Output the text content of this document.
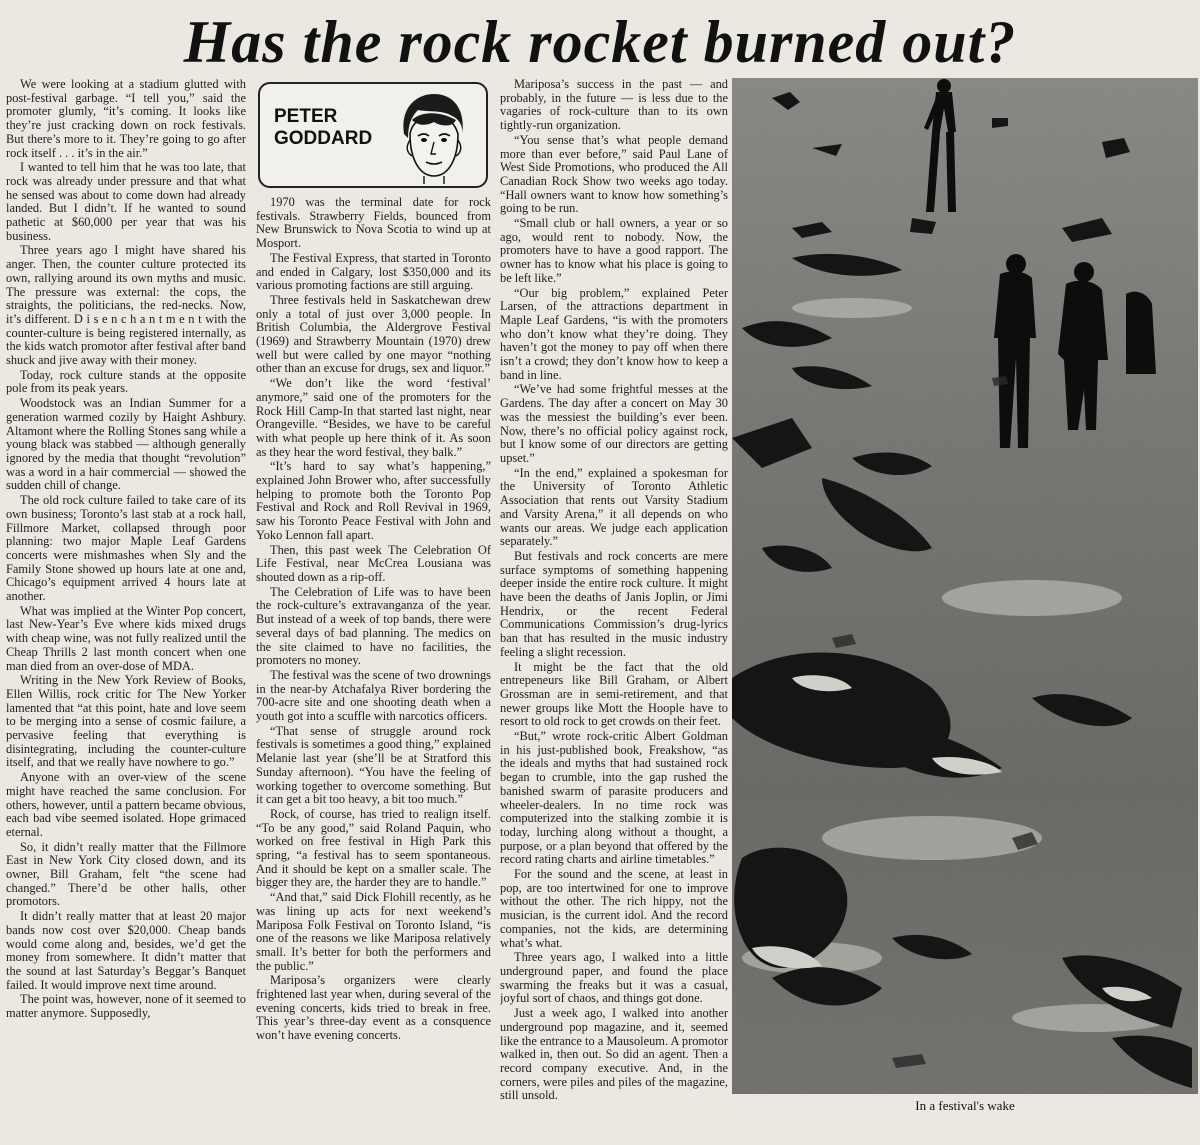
Has the rock rocket burned out?

We were looking at a stadium glutted with post-festival garbage. “I tell you,” said the promoter glumly, “it’s coming. It looks like they’re just cracking down on rock festivals. But there’s more to it. They’re going to go after rock itself . . . it’s in the air.”

I wanted to tell him that he was too late, that rock was already under pressure and that what he sensed was about to come down had already landed. But I didn’t. If he wanted to sound pathetic at $60,000 per year that was his business.

Three years ago I might have shared his anger. Then, the counter culture protected its own, rallying around its own myths and music. The pressure was external: the cops, the straights, the politicians, the red-necks. Now, it’s different. D i s e n c h a n t m e n t with the counter-culture is being registered internally, as the kids watch promotor after festival after band shuck and jive away with their money.

Today, rock culture stands at the opposite pole from its peak years.

Woodstock was an Indian Summer for a generation warmed cozily by Haight Ashbury. Altamont where the Rolling Stones sang while a young black was stabbed — although generally ignored by the media that thought “revolution” was a word in a hair commercial — showed the sudden chill of change.

The old rock culture failed to take care of its own business; Toronto’s last stab at a rock hall, Fillmore Market, collapsed through poor planning: two major Maple Leaf Gardens concerts were mishmashes when Sly and the Family Stone showed up hours late at one and, Chicago’s equipment arrived 4 hours late at another.

What was implied at the Winter Pop concert, last New-Year’s Eve where kids mixed drugs with cheap wine, was not fully realized until the Cheap Thrills 2 last month concert when one man died from an over-dose of MDA.

Writing in the New York Review of Books, Ellen Willis, rock critic for The New Yorker lamented that “at this point, hate and love seem to be merging into a sense of cosmic failure, a pervasive feeling that everything is disintegrating, including the counter-culture itself, and that we really have nowhere to go.”

Anyone with an over-view of the scene might have reached the same conclusion. For others, however, until a pattern became obvious, each bad vibe seemed isolated. Hope grimaced eternal.

So, it didn’t really matter that the Fillmore East in New York City closed down, and its owner, Bill Graham, felt “the scene had changed.” There’d be other halls, other promotors.

It didn’t really matter that at least 20 major bands now cost over $20,000. Cheap bands would come along and, besides, we’d get the money from somewhere. It didn’t matter that the sound at last Saturday’s Beggar’s Banquet failed. It would improve next time around.

The point was, however, none of it seemed to matter anymore. Supposedly,

PETER GODDARD

1970 was the terminal date for rock festivals. Strawberry Fields, bounced from New Brunswick to Nova Scotia to wind up at Mosport.

The Festival Express, that started in Toronto and ended in Calgary, lost $350,000 and its various promoting factions are still arguing.

Three festivals held in Saskatchewan drew only a total of just over 3,000 people. In British Columbia, the Aldergrove Festival (1969) and Strawberry Mountain (1970) drew well but were called by one mayor “nothing other than an excuse for drugs, sex and liquor.”

“We don’t like the word ‘festival’ anymore,” said one of the promoters for the Rock Hill Camp-In that started last night, near Orangeville. “Besides, we have to be careful with what people up here think of it. As soon as they hear the word festival, they balk.”

“It’s hard to say what’s happening,” explained John Brower who, after successfully helping to promote both the Toronto Pop Festival and Rock and Roll Revival in 1969, saw his Toronto Peace Festival with John and Yoko Lennon fall apart.

Then, this past week The Celebration Of Life Festival, near McCrea Lousiana was shouted down as a rip-off.

The Celebration of Life was to have been the rock-culture’s extravanganza of the year. But instead of a week of top bands, there were several days of bad planning. The medics on the site claimed to have no facilities, the promoters no money.

The festival was the scene of two drownings in the near-by Atchafalya River bordering the 700-acre site and one shooting death when a youth got into a scuffle with narcotics officers.

“That sense of struggle around rock festivals is sometimes a good thing,” explained Melanie last year (she’ll be at Stratford this Sunday afternoon). “You have the feeling of working together to overcome something. But it can get a bit too heavy, a bit too much.”

Rock, of course, has tried to realign itself. “To be any good,” said Roland Paquin, who worked on free festival in High Park this spring, “a festival has to seem spontaneous. And it should be kept on a smaller scale. The bigger they are, the harder they are to handle.”

“And that,” said Dick Flohill recently, as he was lining up acts for next weekend’s Mariposa Folk Festival on Toronto Island, “is one of the reasons we like Mariposa relatively small. It’s better for both the performers and the public.”

Mariposa’s organizers were clearly frightened last year when, during several of the evening concerts, kids tried to break in free. This year’s three-day event as a consquence won’t have evening concerts.

Mariposa’s success in the past — and probably, in the future — is less due to the vagaries of rock-culture than to its own tightly-run organization.

“You sense that’s what people demand more than ever before,” said Paul Lane of West Side Promotions, who produced the All Canadian Rock Show two weeks ago today. “Hall owners want to know how something’s going to be run.

“Small club or hall owners, a year or so ago, would rent to nobody. Now, the promoters have to have a good rapport. The owner has to know what his place is going to be left like.”

“Our big problem,” explained Peter Larsen, of the attractions department in Maple Leaf Gardens, “is with the promoters who don’t know what they’re doing. They haven’t got the money to pay off when there isn’t a crowd; they don’t know how to keep a band in line.

“We’ve had some frightful messes at the Gardens. The day after a concert on May 30 was the messiest the building’s ever been. Now, there’s no official policy against rock, but I know some of our directors are getting upset.”

“In the end,” explained a spokesman for the University of Toronto Athletic Association that rents out Varsity Stadium and Varsity Arena,” it all depends on who wants our areas. We judge each application separately.”

But festivals and rock concerts are mere surface symptoms of something happening deeper inside the entire rock culture. It might have been the deaths of Janis Joplin, or Jimi Hendrix, or the recent Federal Communications Commission’s drug-lyrics ban that has resulted in the music industry feeling a slight recession.

It might be the fact that the old entrepeneurs like Bill Graham, or Albert Grossman are in semi-retirement, and that newer groups like Mott the Hoople have to resort to old rock to get crowds on their feet.

“But,” wrote rock-critic Albert Goldman in his just-published book, Freakshow, “as the ideals and myths that had sustained rock began to crumble, into the gap rushed the banished swarm of parasite producers and wheeler-dealers. In no time rock was computerized into the stalking zombie it is today, lurching along without a thought, a purpose, or a plan beyond that offered by the record rating charts and airline timetables.”

For the sound and the scene, at least in pop, are too intertwined for one to improve without the other. The rich hippy, not the musician, is the current idol. And the record companies, not the kids, are determining what’s what.

Three years ago, I walked into a little underground paper, and found the place swarming the freaks but it was a casual, joyful sort of chaos, and things got done.

Just a week ago, I walked into another underground pop magazine, and it, seemed like the entrance to a Mausoleum. A promotor walked in, then out. So did an agent. Then a record company executive. And, in the corners, were piles and piles of the magazine, still unsold.

In a festival's wake
